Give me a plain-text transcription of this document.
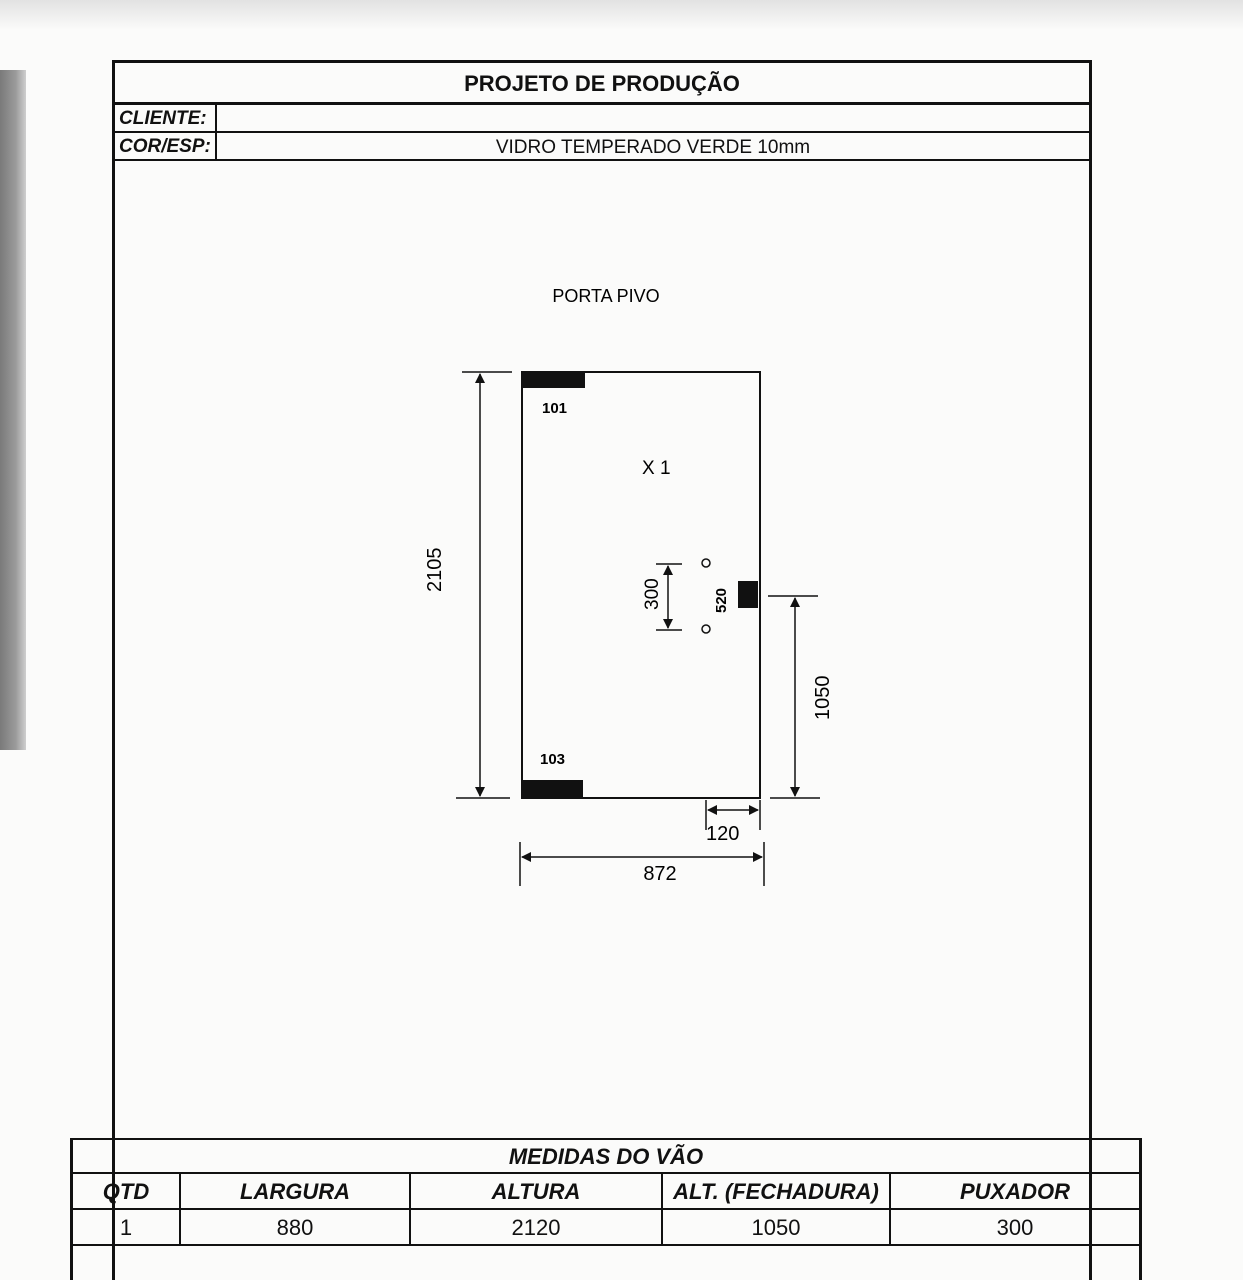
PROJETO DE PRODUÇÃO
CLIENTE:
COR/ESP:	VIDRO TEMPERADO VERDE 10mm
PORTA PIVO
101
103
520
X 1
2105
300
1050
120
872
MEDIDAS DO VÃO
QTD	LARGURA	ALTURA	ALT. (FECHADURA)	PUXADOR
1	880	2120	1050	300
